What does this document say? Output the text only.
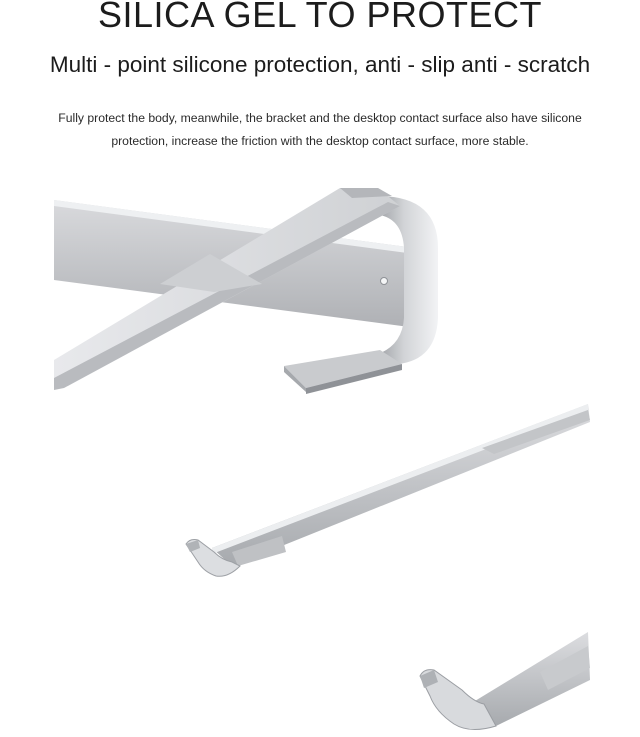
SILICA GEL TO PROTECT
Multi - point silicone protection, anti - slip anti - scratch
Fully protect the body, meanwhile, the bracket and the desktop contact surface also have silicone
protection, increase the friction with the desktop contact surface, more stable.
